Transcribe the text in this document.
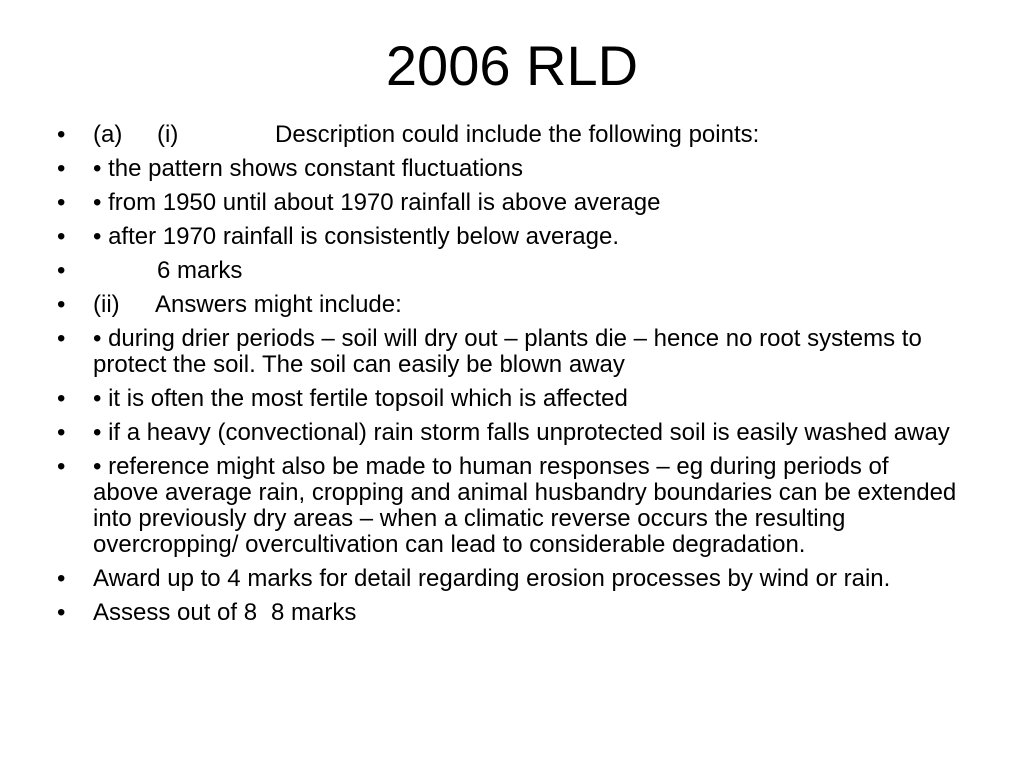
2006 RLD
•	(a) (i)	Description could include the following points:
•	• the pattern shows constant fluctuations
•	• from 1950 until about 1970 rainfall is above average
•	• after 1970 rainfall is consistently below average.
•	6 marks
•	(ii) Answers might include:
•	• during drier periods – soil will dry out – plants die – hence no root systems to protect the soil. The soil can easily be blown away
•	• it is often the most fertile topsoil which is affected
•	• if a heavy (convectional) rain storm falls unprotected soil is easily washed away
•	• reference might also be made to human responses – eg during periods of above average rain, cropping and animal husbandry boundaries can be extended into previously dry areas – when a climatic reverse occurs the resulting overcropping/ overcultivation can lead to considerable degradation.
•	Award up to 4 marks for detail regarding erosion processes by wind or rain.
•	Assess out of 8 8 marks
